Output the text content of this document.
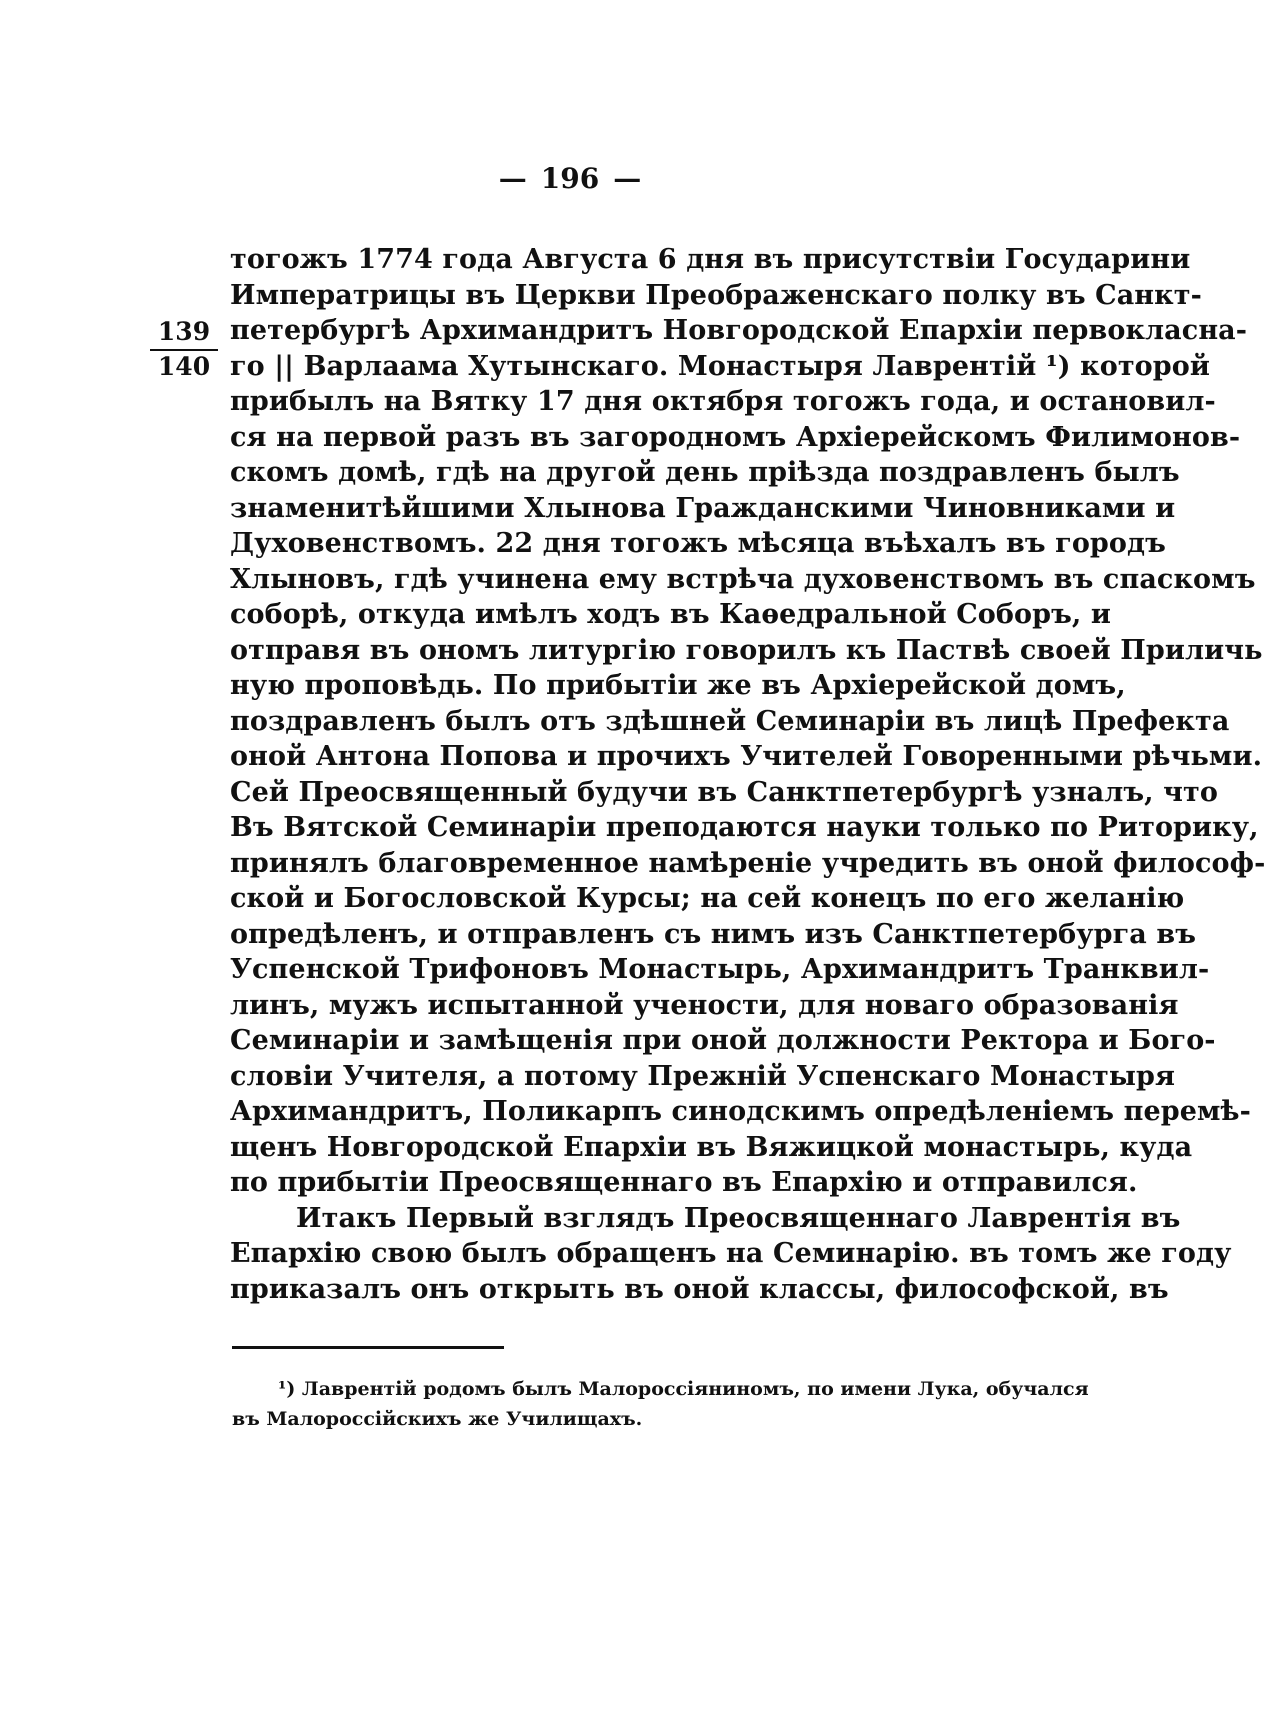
— 196 —
139
140
тогожъ 1774 года Августа 6 дня въ присутствіи Государини
Императрицы въ Церкви Преображенскаго полку въ Санкт-
петербургѣ Архимандритъ Новгородской Епархіи первокласна-
го || Варлаама Хутынскаго. Монастыря Лаврентій ¹) которой
прибылъ на Вятку 17 дня октября тогожъ года, и остановил-
ся на первой разъ въ загородномъ Архіерейскомъ Филимонов-
скомъ домѣ, гдѣ на другой день пріѣзда поздравленъ былъ
знаменитѣйшими Хлынова Гражданскими Чиновниками и
Духовенствомъ. 22 дня тогожъ мѣсяца въѣхалъ въ городъ
Хлыновъ, гдѣ учинена ему встрѣча духовенствомъ въ спаскомъ
соборѣ, откуда имѣлъ ходъ въ Каѳедральной Соборъ, и
отправя въ ономъ литургію говорилъ къ Паствѣ своей Приличь
ную проповѣдь. По прибытіи же въ Архіерейской домъ,
поздравленъ былъ отъ здѣшней Семинаріи въ лицѣ Префекта
оной Антона Попова и прочихъ Учителей Говоренными рѣчьми.
Сей Преосвященный будучи въ Санктпетербургѣ узналъ, что
Въ Вятской Семинаріи преподаются науки только по Риторику,
принялъ благовременное намѣреніе учредить въ оной философ-
ской и Богословской Курсы; на сей конецъ по его желанію
опредѣленъ, и отправленъ съ нимъ изъ Санктпетербурга въ
Успенской Трифоновъ Монастырь, Архимандритъ Транквил-
линъ, мужъ испытанной учености, для новаго образованія
Семинаріи и замѣщенія при оной должности Ректора и Бого-
словіи Учителя, а потому Прежній Успенскаго Монастыря
Архимандритъ, Поликарпъ синодскимъ опредѣленіемъ перемѣ-
щенъ Новгородской Епархіи въ Вяжицкой монастырь, куда
по прибытіи Преосвященнаго въ Епархію и отправился.
Итакъ Первый взглядъ Преосвященнаго Лаврентія въ
Епархію свою былъ обращенъ на Семинарію. въ томъ же году
приказалъ онъ открыть въ оной классы, философской, въ
¹) Лаврентій родомъ былъ Малороссіяниномъ, по имени Лука, обучался
въ Малороссійскихъ же Училищахъ.
